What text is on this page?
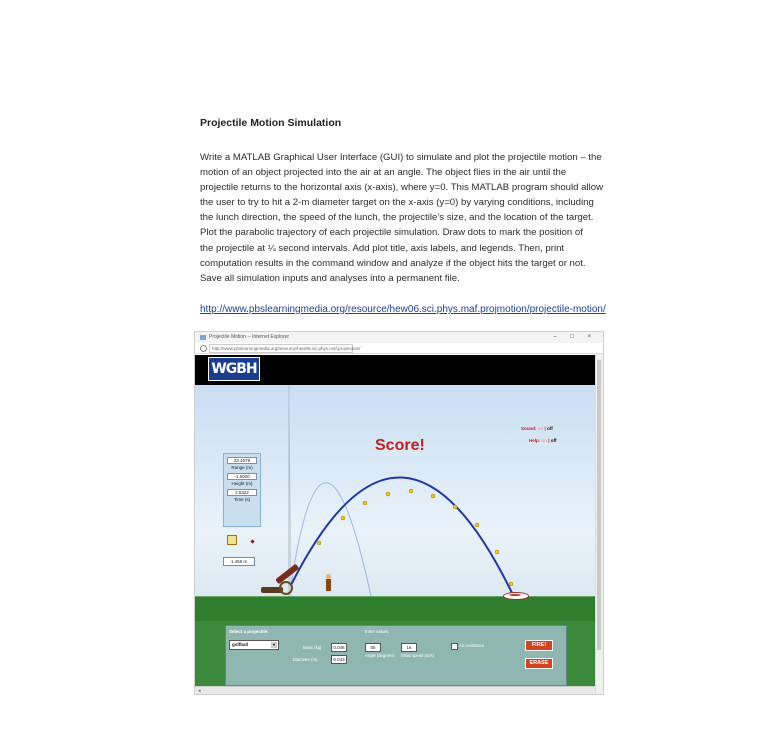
Projectile Motion Simulation

Write a MATLAB Graphical User Interface (GUI) to simulate and plot the projectile motion – the

motion of an object projected into the air at an angle. The object flies in the air until the

projectile returns to the horizontal axis (x-axis), where y=0. This MATLAB program should allow

the user to try to hit a 2-m diameter target on the x-axis (y=0) by varying conditions, including

the lunch direction, the speed of the lunch, the projectile’s size, and the location of the target.

Plot the parabolic trajectory of each projectile simulation. Draw dots to mark the position of

the projectile at ¼ second intervals. Add plot title, axis labels, and legends. Then, print

computation results in the command window and analyze if the object hits the target or not.

Save all simulation inputs and analyses into a permanent file.

http://www.pbslearningmedia.org/resource/hew06.sci.phys.maf.projmotion/projectile-motion/
Projectile Motion -- Internet Explorer	– □ ×
http://www.pbslearningmedia.org/resource/hew06.sci.phys.maf.projmotion/
WGBH
Score!
Sound: on | off
Help: on | off
23.4579
Range (m)
-1.5000
Height (m)
2.5322
Time (s)
1.458 m
Select a projectile:
golfball	▾
Mass (kg)	0.046
Diameter (m)	0.043
Enter values:
55
Angle (degrees)
16
Initial speed (m/s)
Air resistance	FIRE!
ERASE
◂
